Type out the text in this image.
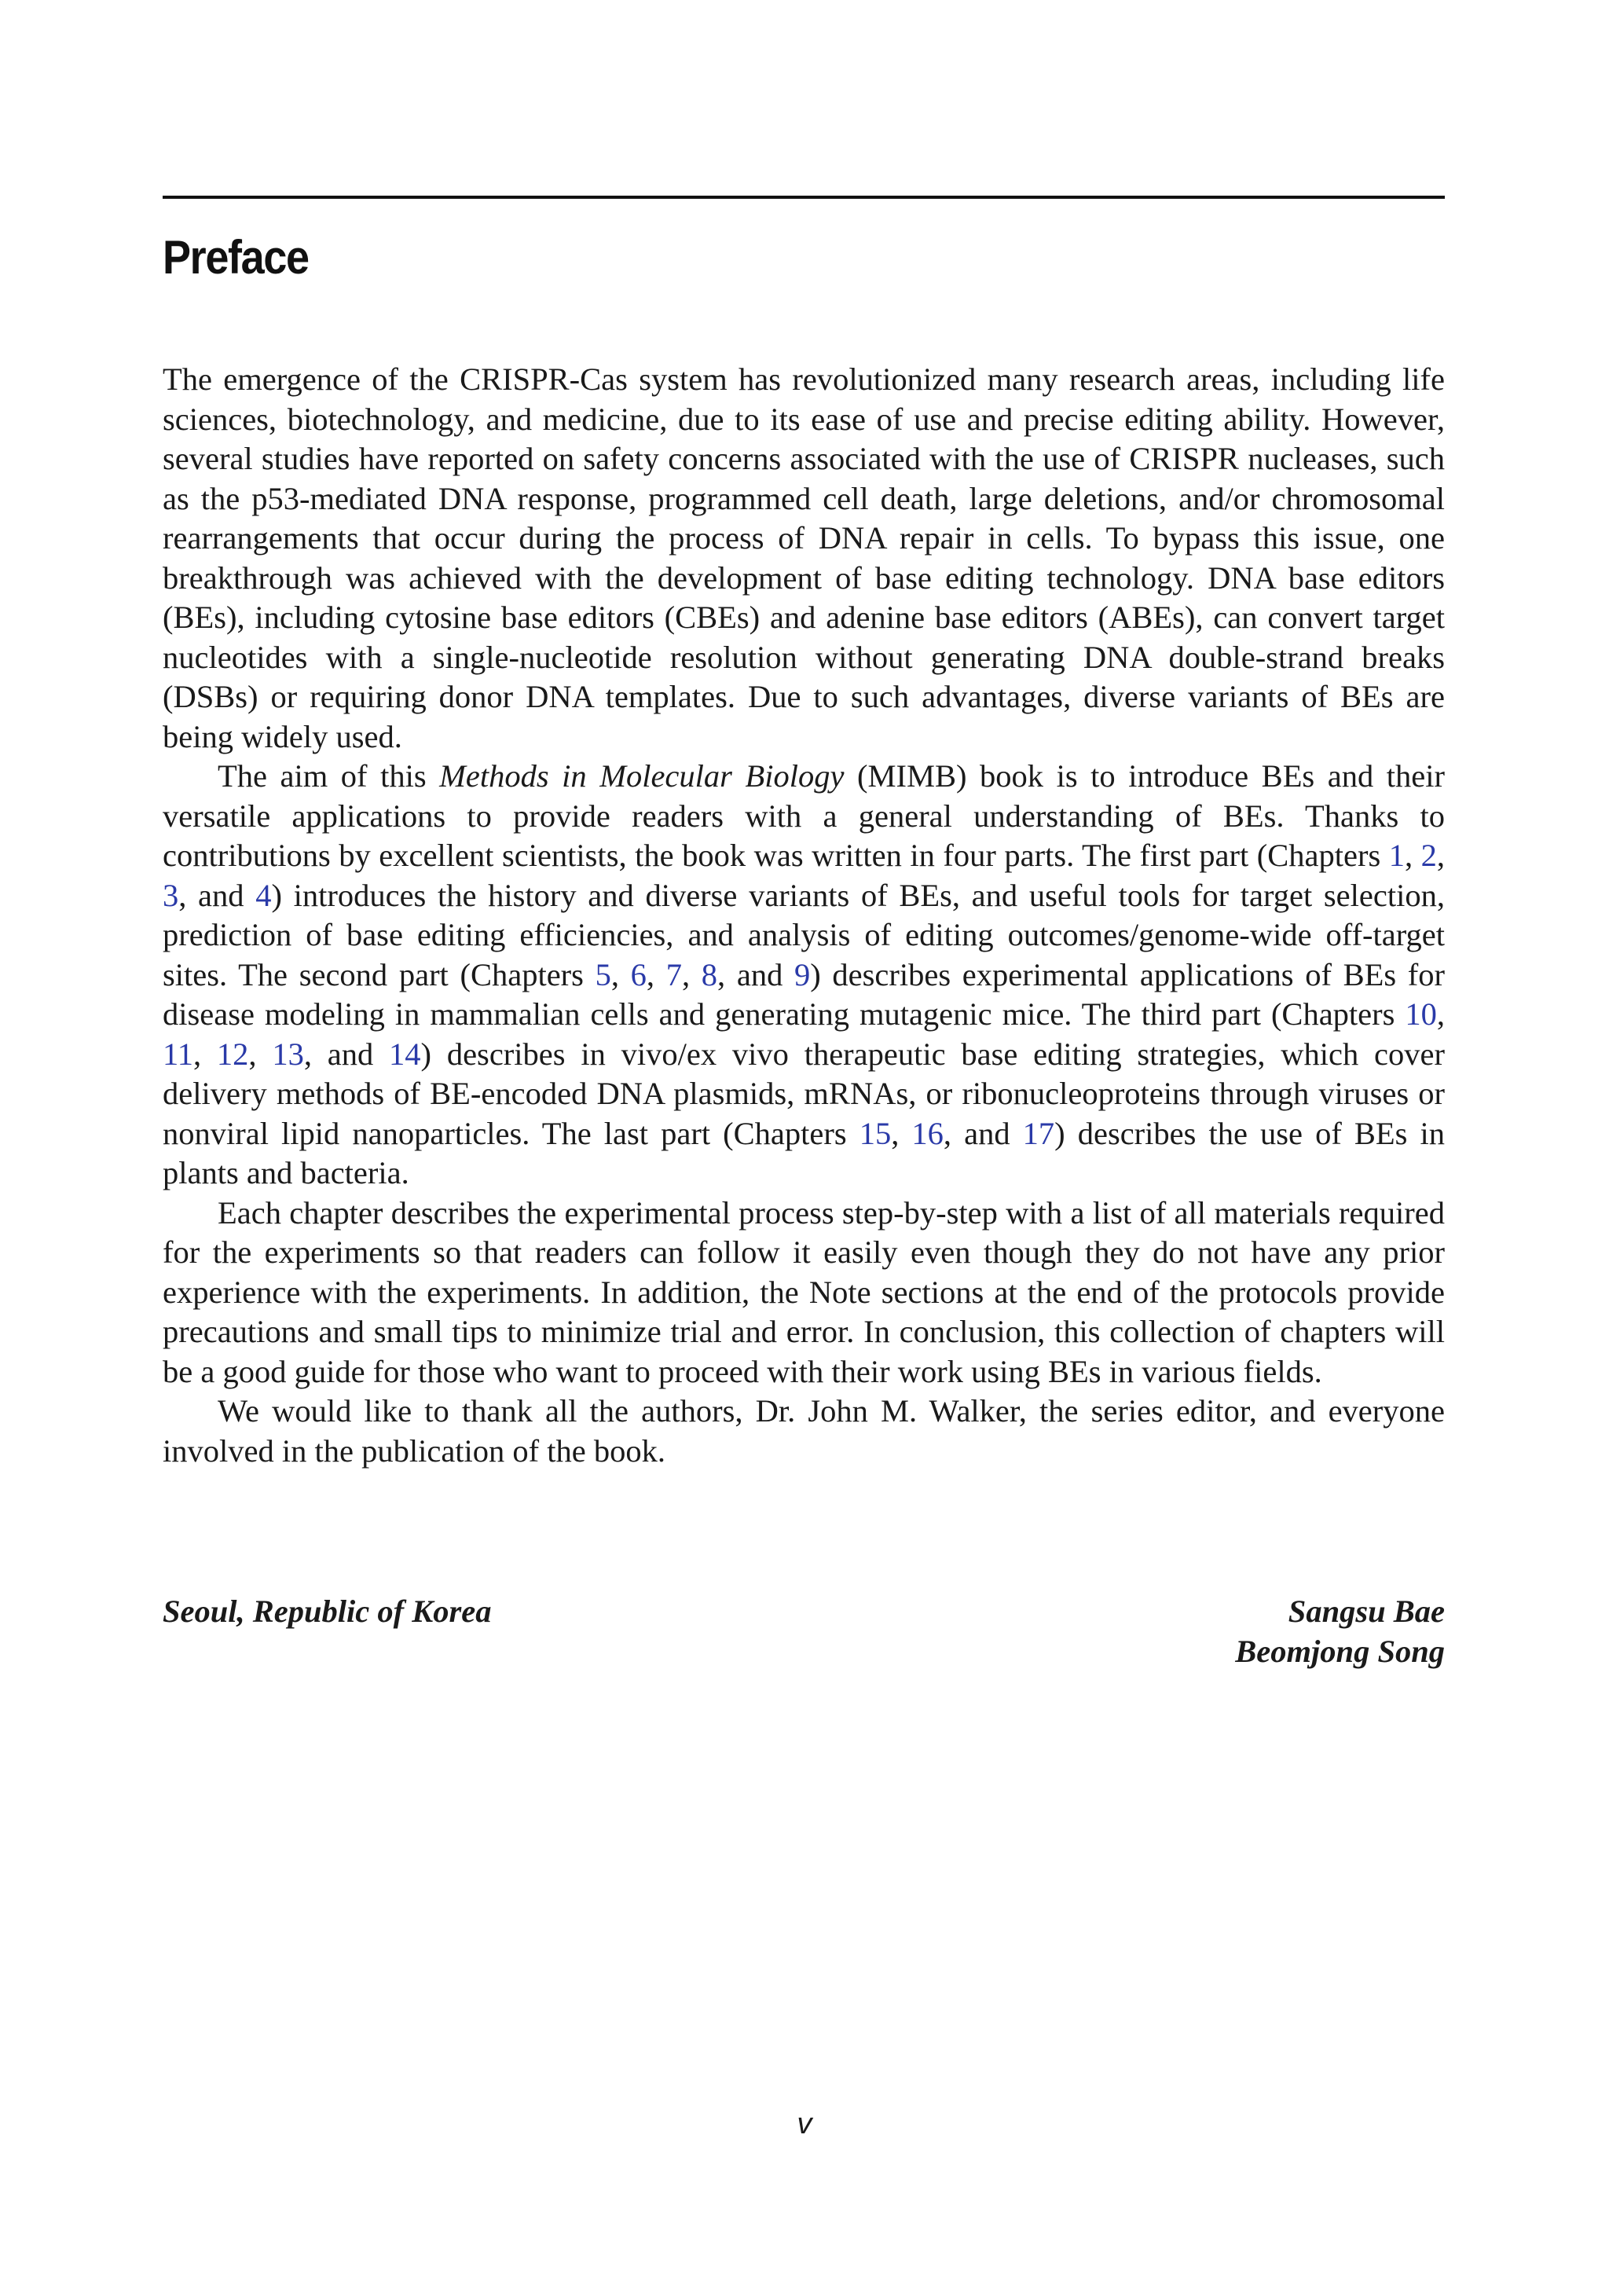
Preface

The emergence of the CRISPR-Cas system has revolutionized many research areas, including life sciences, biotechnology, and medicine, due to its ease of use and precise editing ability. However, several studies have reported on safety concerns associated with the use of CRISPR nucleases, such as the p53-mediated DNA response, programmed cell death, large deletions, and/or chromosomal rearrangements that occur during the process of DNA repair in cells. To bypass this issue, one breakthrough was achieved with the development of base editing technology. DNA base editors (BEs), including cytosine base editors (CBEs) and adenine base editors (ABEs), can convert target nucleotides with a single-nucleotide resolution without generating DNA double-strand breaks (DSBs) or requiring donor DNA templates. Due to such advantages, diverse variants of BEs are being widely used.

The aim of this Methods in Molecular Biology (MIMB) book is to introduce BEs and their versatile applications to provide readers with a general understanding of BEs. Thanks to contributions by excellent scientists, the book was written in four parts. The first part (Chapters 1, 2, 3, and 4) introduces the history and diverse variants of BEs, and useful tools for target selection, prediction of base editing efficiencies, and analysis of editing outcomes/genome-wide off-target sites. The second part (Chapters 5, 6, 7, 8, and 9) describes experimental applications of BEs for disease modeling in mammalian cells and generating mutagenic mice. The third part (Chapters 10, 11, 12, 13, and 14) describes in vivo/ex vivo therapeutic base editing strategies, which cover delivery methods of BE-encoded DNA plasmids, mRNAs, or ribonucleoproteins through viruses or nonviral lipid nanoparticles. The last part (Chapters 15, 16, and 17) describes the use of BEs in plants and bacteria.

Each chapter describes the experimental process step-by-step with a list of all materials required for the experiments so that readers can follow it easily even though they do not have any prior experience with the experiments. In addition, the Note sections at the end of the protocols provide precautions and small tips to minimize trial and error. In conclusion, this collection of chapters will be a good guide for those who want to proceed with their work using BEs in various fields.

We would like to thank all the authors, Dr. John M. Walker, the series editor, and everyone involved in the publication of the book.

Seoul, Republic of Korea	Sangsu Bae
Beomjong Song
v
